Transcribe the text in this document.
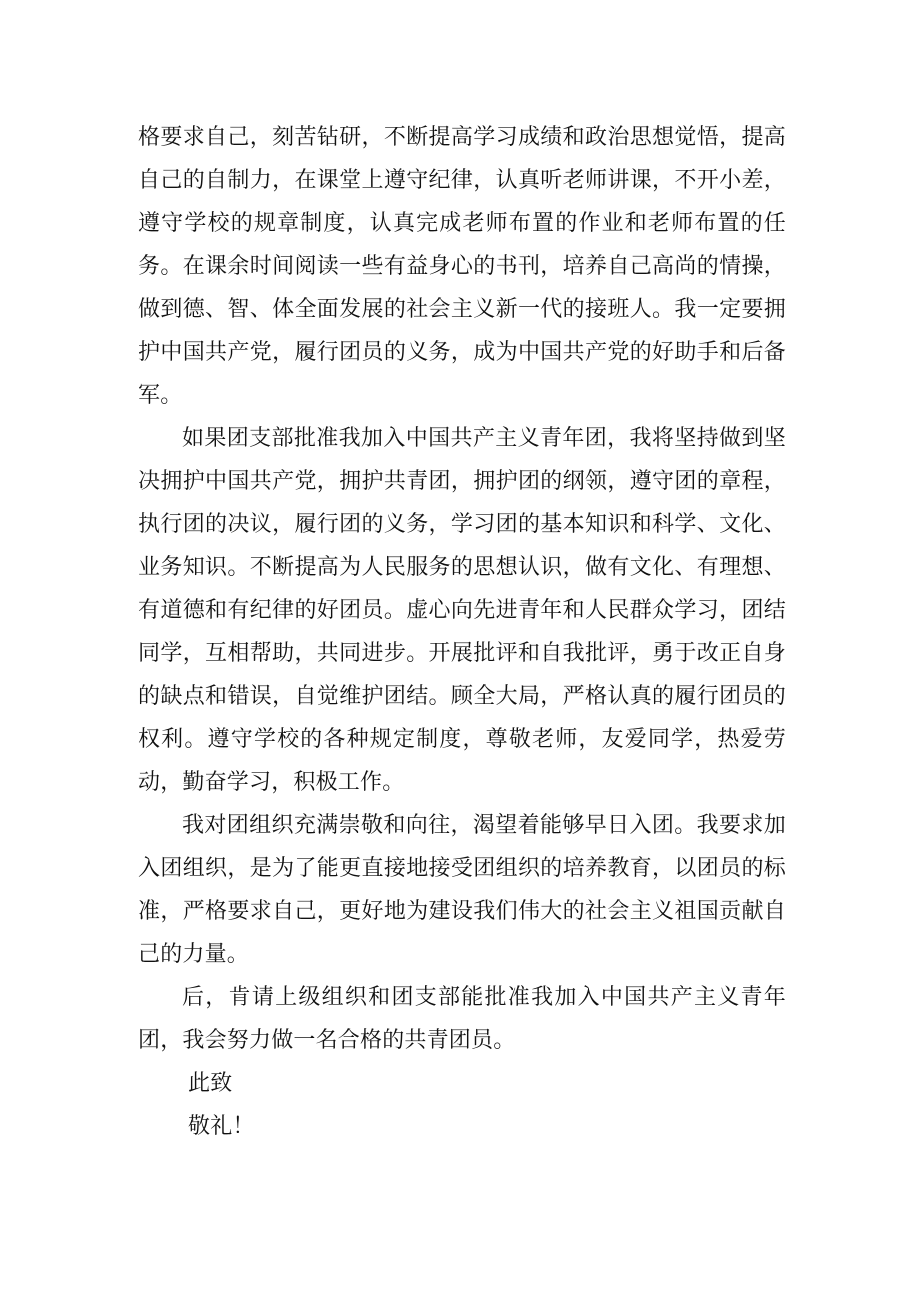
格要求自己，刻苦钻研，不断提高学习成绩和政治思想觉悟，提高自己的自制力，在课堂上遵守纪律，认真听老师讲课，不开小差，遵守学校的规章制度，认真完成老师布置的作业和老师布置的任务。在课余时间阅读一些有益身心的书刊，培养自己高尚的情操，做到德、智、体全面发展的社会主义新一代的接班人。我一定要拥护中国共产党，履行团员的义务，成为中国共产党的好助手和后备军。

如果团支部批准我加入中国共产主义青年团，我将坚持做到坚决拥护中国共产党，拥护共青团，拥护团的纲领，遵守团的章程，执行团的决议，履行团的义务，学习团的基本知识和科学、文化、业务知识。不断提高为人民服务的思想认识，做有文化、有理想、有道德和有纪律的好团员。虚心向先进青年和人民群众学习，团结同学，互相帮助，共同进步。开展批评和自我批评，勇于改正自身的缺点和错误，自觉维护团结。顾全大局，严格认真的履行团员的权利。遵守学校的各种规定制度，尊敬老师，友爱同学，热爱劳动，勤奋学习，积极工作。

我对团组织充满崇敬和向往，渴望着能够早日入团。我要求加入团组织，是为了能更直接地接受团组织的培养教育，以团员的标准，严格要求自己，更好地为建设我们伟大的社会主义祖国贡献自己的力量。

后，肯请上级组织和团支部能批准我加入中国共产主义青年团，我会努力做一名合格的共青团员。

此致

敬礼！
